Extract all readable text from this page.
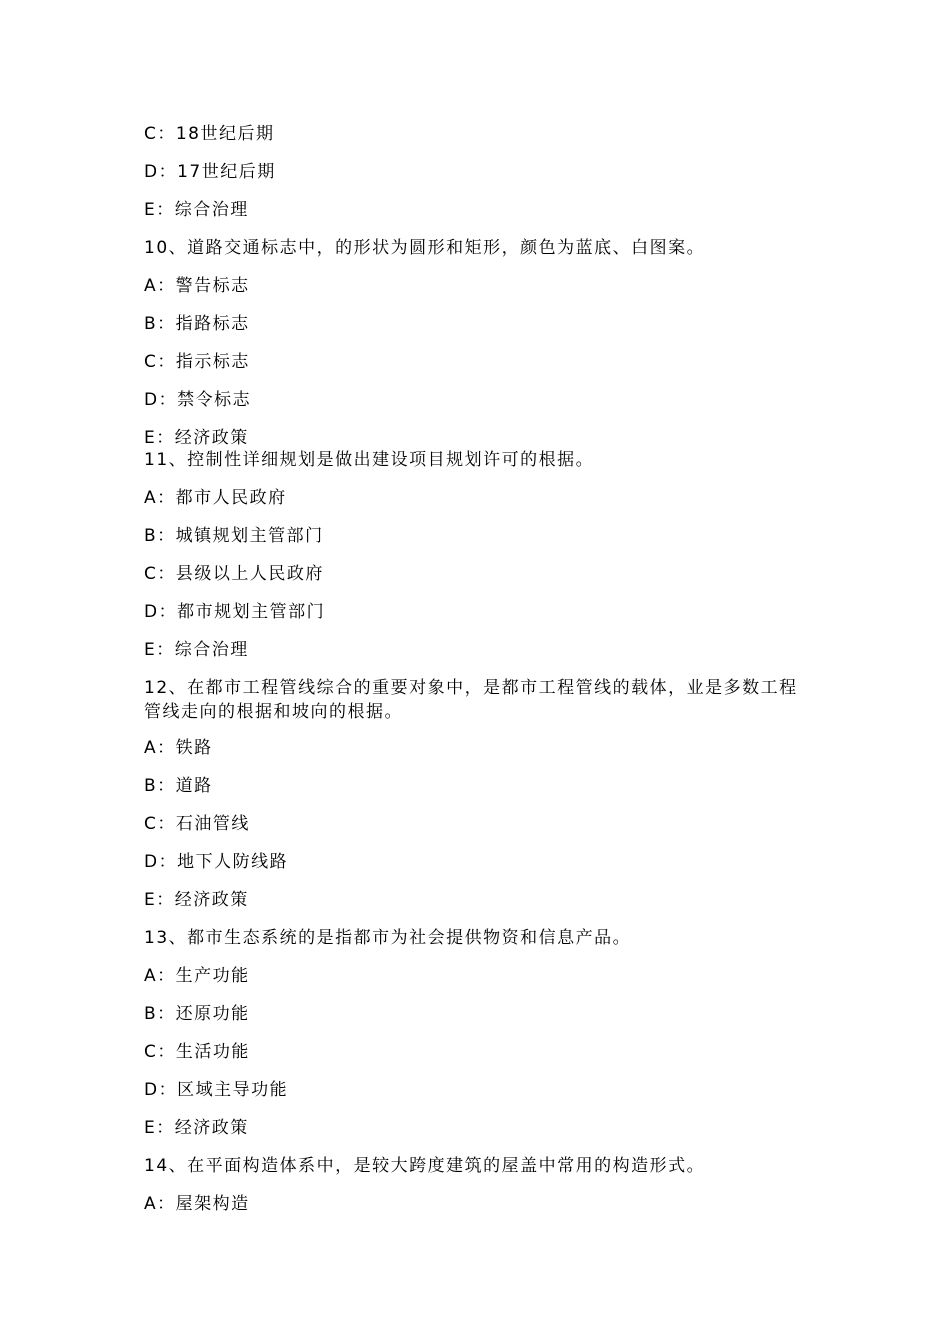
C：18世纪后期
D：17世纪后期
E：综合治理
10、道路交通标志中，的形状为圆形和矩形，颜色为蓝底、白图案。
A：警告标志
B：指路标志
C：指示标志
D：禁令标志
E：经济政策
11、控制性详细规划是做出建设项目规划许可的根据。
A：都市人民政府
B：城镇规划主管部门
C：县级以上人民政府
D：都市规划主管部门
E：综合治理
12、在都市工程管线综合的重要对象中，是都市工程管线的载体，业是多数工程管线走向的根据和坡向的根据。
A：铁路
B：道路
C：石油管线
D：地下人防线路
E：经济政策
13、都市生态系统的是指都市为社会提供物资和信息产品。
A：生产功能
B：还原功能
C：生活功能
D：区域主导功能
E：经济政策
14、在平面构造体系中，是较大跨度建筑的屋盖中常用的构造形式。
A：屋架构造
